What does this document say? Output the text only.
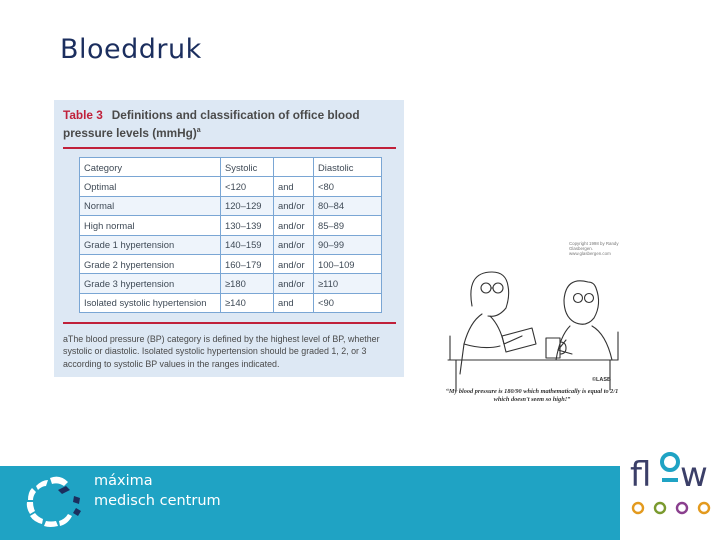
Bloeddruk
Table 3 Definitions and classification of office blood pressure levels (mmHg)$^a$
Category	Systolic		Diastolic
Optimal	<120	and	<80
Normal	120–129	and/or	80–84
High normal	130–139	and/or	85–89
Grade 1 hypertension	140–159	and/or	90–99
Grade 2 hypertension	160–179	and/or	100–109
Grade 3 hypertension	≥180	and/or	≥110
Isolated systolic hypertension	≥140	and	<90
aThe blood pressure (BP) category is defined by the highest level of BP, whether systolic or diastolic. Isolated systolic hypertension should be graded 1, 2, or 3 according to systolic BP values in the ranges indicated.
Copyright 1998 by Randy Glasbergen. www.glasbergen.com
©LASB
“My blood pressure is 180/90 which mathematically is equal to 2/1 which doesn't seem so high!”
máxima
medisch centrum
fl w
